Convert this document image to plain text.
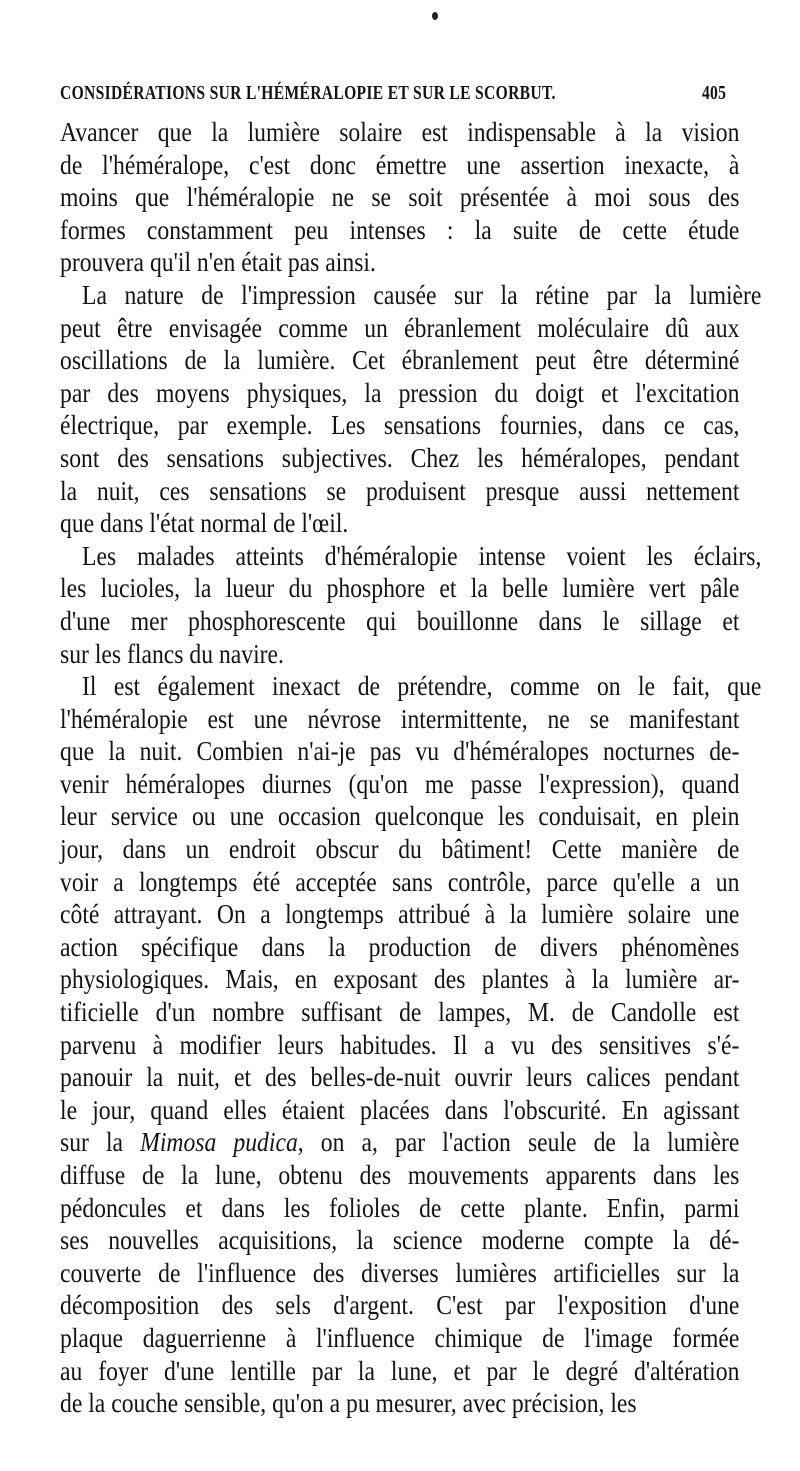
CONSIDÉRATIONS SUR L'HÉMÉRALOPIE ET SUR LE SCORBUT.	405

Avancer que la lumière solaire est indispensable à la vision
de l'héméralope, c'est donc émettre une assertion inexacte, à
moins que l'héméralopie ne se soit présentée à moi sous des
formes constamment peu intenses : la suite de cette étude
prouvera qu'il n'en était pas ainsi.

La nature de l'impression causée sur la rétine par la lumière
peut être envisagée comme un ébranlement moléculaire dû aux
oscillations de la lumière. Cet ébranlement peut être déterminé
par des moyens physiques, la pression du doigt et l'excitation
électrique, par exemple. Les sensations fournies, dans ce cas,
sont des sensations subjectives. Chez les héméralopes, pendant
la nuit, ces sensations se produisent presque aussi nettement
que dans l'état normal de l'œil.

Les malades atteints d'héméralopie intense voient les éclairs,
les lucioles, la lueur du phosphore et la belle lumière vert pâle
d'une mer phosphorescente qui bouillonne dans le sillage et
sur les flancs du navire.

Il est également inexact de prétendre, comme on le fait, que
l'héméralopie est une névrose intermittente, ne se manifestant
que la nuit. Combien n'ai-je pas vu d'héméralopes nocturnes de-
venir héméralopes diurnes (qu'on me passe l'expression), quand
leur service ou une occasion quelconque les conduisait, en plein
jour, dans un endroit obscur du bâtiment! Cette manière de
voir a longtemps été acceptée sans contrôle, parce qu'elle a un
côté attrayant. On a longtemps attribué à la lumière solaire une
action spécifique dans la production de divers phénomènes
physiologiques. Mais, en exposant des plantes à la lumière ar-
tificielle d'un nombre suffisant de lampes, M. de Candolle est
parvenu à modifier leurs habitudes. Il a vu des sensitives s'é-
panouir la nuit, et des belles-de-nuit ouvrir leurs calices pendant
le jour, quand elles étaient placées dans l'obscurité. En agissant
sur la Mimosa pudica, on a, par l'action seule de la lumière
diffuse de la lune, obtenu des mouvements apparents dans les
pédoncules et dans les folioles de cette plante. Enfin, parmi
ses nouvelles acquisitions, la science moderne compte la dé-
couverte de l'influence des diverses lumières artificielles sur la
décomposition des sels d'argent. C'est par l'exposition d'une
plaque daguerrienne à l'influence chimique de l'image formée
au foyer d'une lentille par la lune, et par le degré d'altération
de la couche sensible, qu'on a pu mesurer, avec précision, les
